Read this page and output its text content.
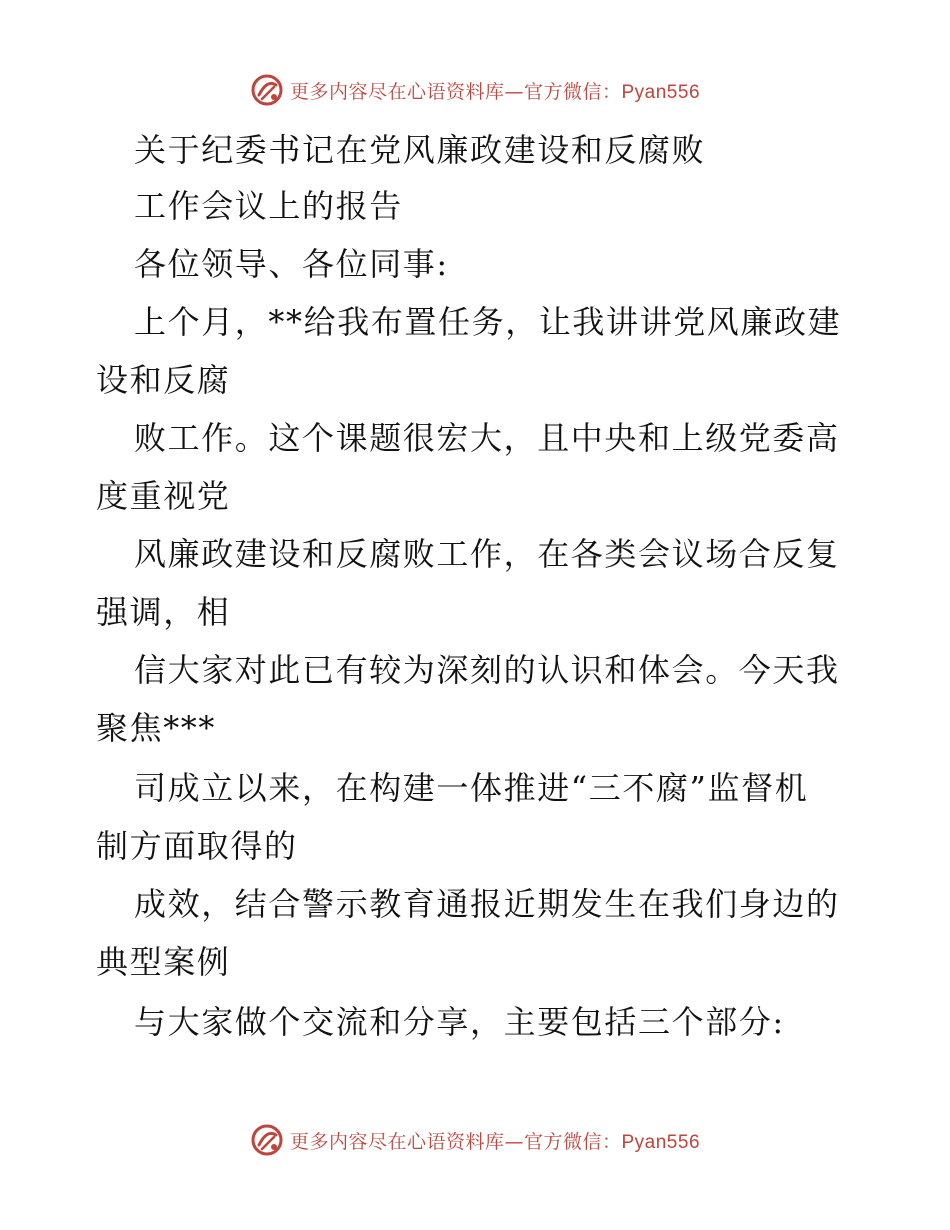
更多内容尽在心语资料库—官方微信：Pyan556
关于纪委书记在党风廉政建设和反腐败
工作会议上的报告
各位领导、各位同事:
上个月，**给我布置任务，让我讲讲党风廉政建
设和反腐
败工作。这个课题很宏大，且中央和上级党委高
度重视党
风廉政建设和反腐败工作，在各类会议场合反复
强调，相
信大家对此已有较为深刻的认识和体会。今天我
聚焦***
司成立以来，在构建一体推进“三不腐”监督机
制方面取得的
成效，结合警示教育通报近期发生在我们身边的
典型案例
与大家做个交流和分享，主要包括三个部分:
更多内容尽在心语资料库—官方微信：Pyan556
